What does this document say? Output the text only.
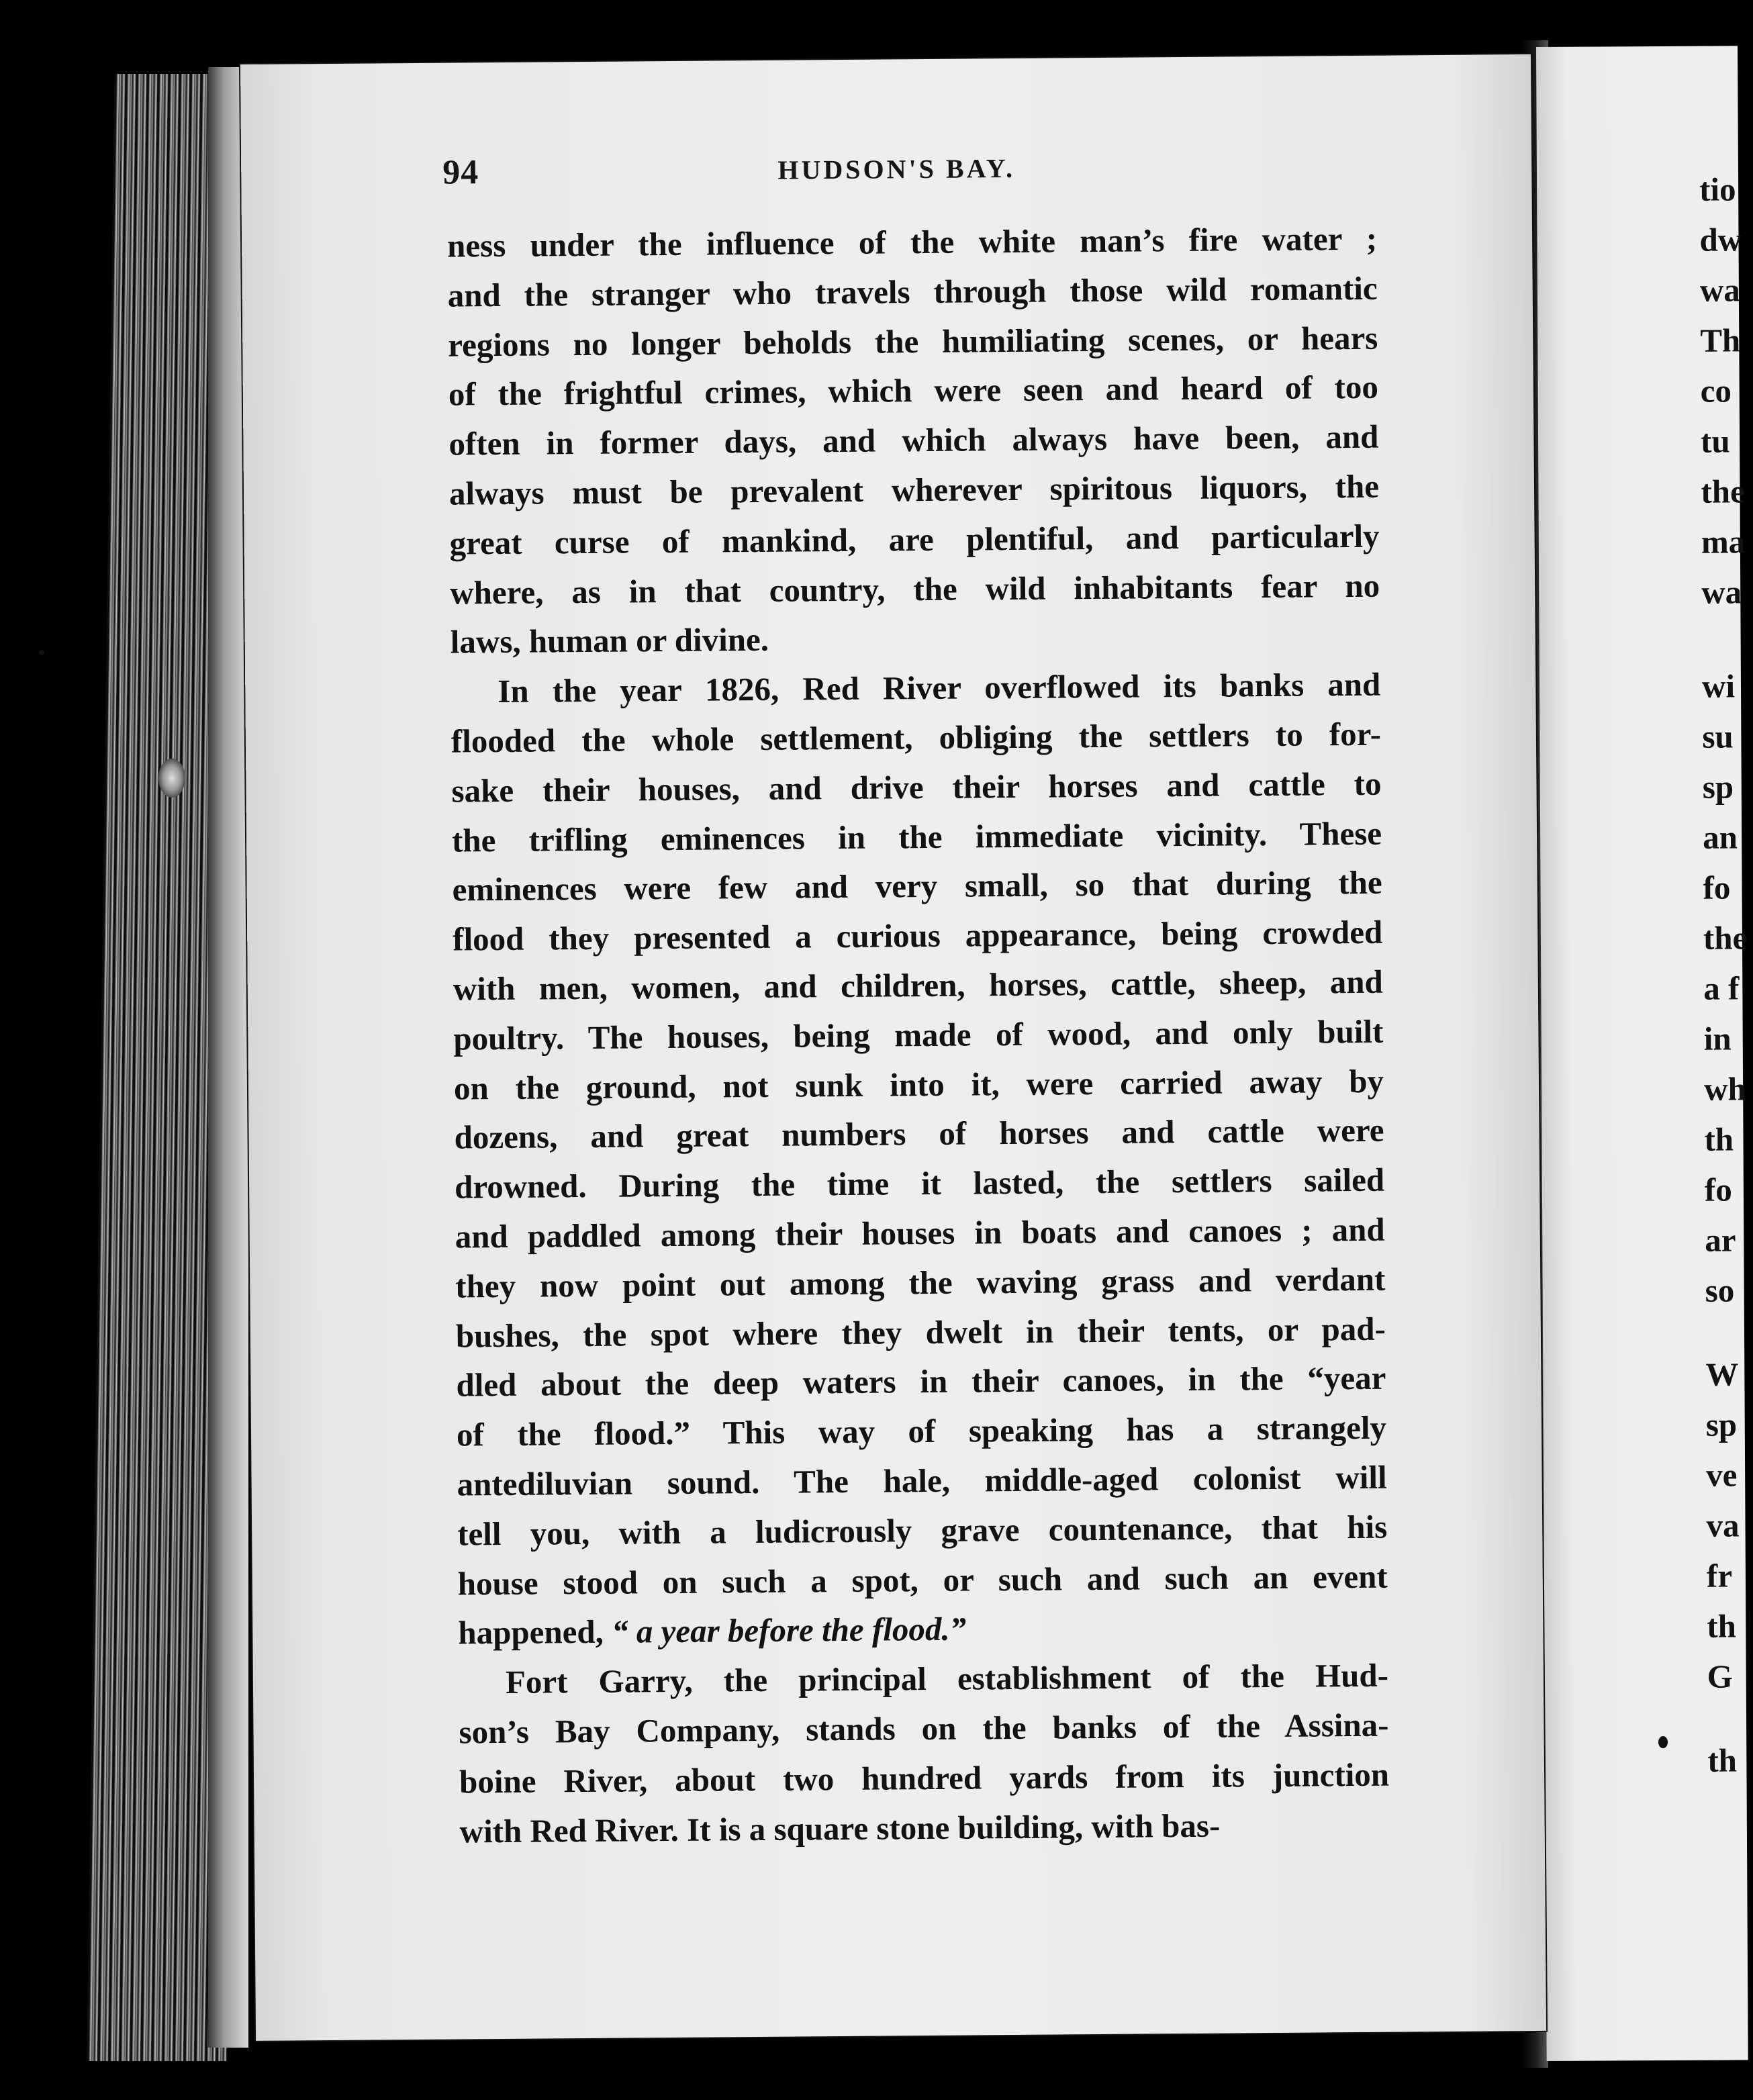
tio
dw
wa
Th
co
tu
the
ma
wa
wi
su
sp
an
fo
the
a f
in
wh
th
fo
ar
so
W
sp
ve
va
fr
th
G
th
94	HUDSON'S BAY.

ness under the influence of the white man’s fire water ;
and the stranger who travels through those wild romantic
regions no longer beholds the humiliating scenes, or hears
of the frightful crimes, which were seen and heard of too
often in former days, and which always have been, and
always must be prevalent wherever spiritous liquors, the
great curse of mankind, are plentiful, and particularly
where, as in that country, the wild inhabitants fear no
laws, human or divine.

In the year 1826, Red River overflowed its banks and
flooded the whole settlement, obliging the settlers to for-
sake their houses, and drive their horses and cattle to
the trifling eminences in the immediate vicinity. These
eminences were few and very small, so that during the
flood they presented a curious appearance, being crowded
with men, women, and children, horses, cattle, sheep, and
poultry. The houses, being made of wood, and only built
on the ground, not sunk into it, were carried away by
dozens, and great numbers of horses and cattle were
drowned. During the time it lasted, the settlers sailed
and paddled among their houses in boats and canoes ; and
they now point out among the waving grass and verdant
bushes, the spot where they dwelt in their tents, or pad-
dled about the deep waters in their canoes, in the “year
of the flood.” This way of speaking has a strangely
antediluvian sound. The hale, middle-aged colonist will
tell you, with a ludicrously grave countenance, that his
house stood on such a spot, or such and such an event
happened, “ a year before the flood.”

Fort Garry, the principal establishment of the Hud-
son’s Bay Company, stands on the banks of the Assina-
boine River, about two hundred yards from its junction
with Red River. It is a square stone building, with bas-
